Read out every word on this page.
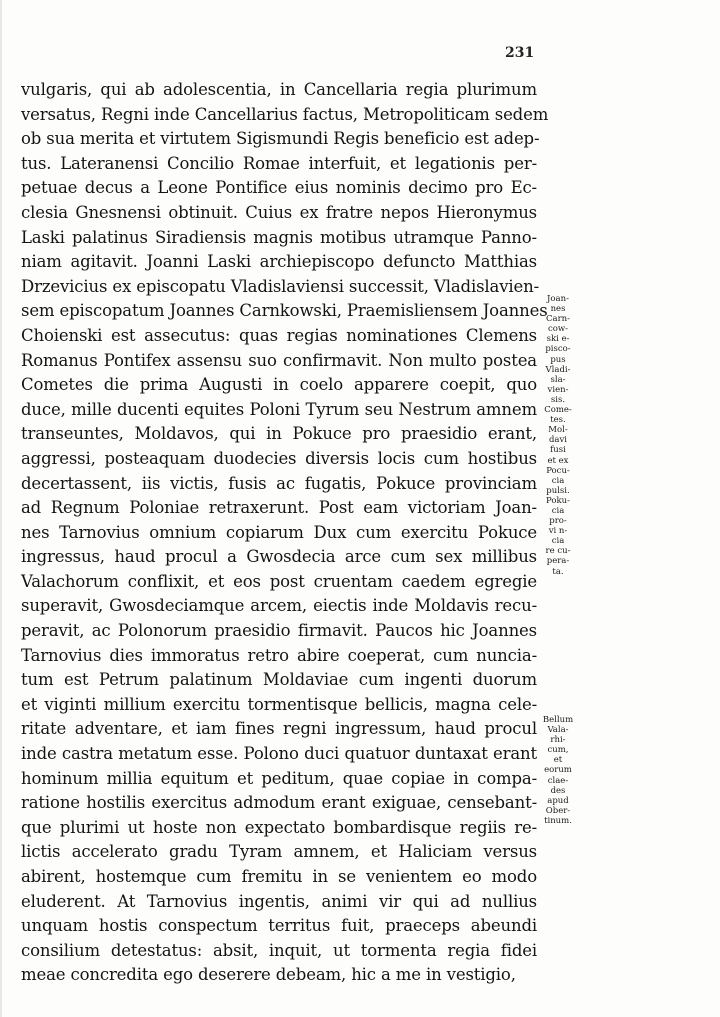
231
vulgaris, qui ab adolescentia, in Cancellaria regia plurimum
versatus, Regni inde Cancellarius factus, Metropoliticam sedem
ob sua merita et virtutem Sigismundi Regis beneficio est adep-
tus. Lateranensi Concilio Romae interfuit, et legationis per-
petuae decus a Leone Pontifice eius nominis decimo pro Ec-
clesia Gnesnensi obtinuit. Cuius ex fratre nepos Hieronymus
Laski palatinus Siradiensis magnis motibus utramque Panno-
niam agitavit. Joanni Laski archiepiscopo defuncto Matthias
Drzevicius ex episcopatu Vladislaviensi successit, Vladislavien-
sem episcopatum Joannes Carnkowski, Praemisliensem Joannes
Choienski est assecutus: quas regias nominationes Clemens
Romanus Pontifex assensu suo confirmavit. Non multo postea
Cometes die prima Augusti in coelo apparere coepit, quo
duce, mille ducenti equites Poloni Tyrum seu Nestrum amnem
transeuntes, Moldavos, qui in Pokuce pro praesidio erant,
aggressi, posteaquam duodecies diversis locis cum hostibus
decertassent, iis victis, fusis ac fugatis, Pokuce provinciam
ad Regnum Poloniae retraxerunt. Post eam victoriam Joan-
nes Tarnovius omnium copiarum Dux cum exercitu Pokuce
ingressus, haud procul a Gwosdecia arce cum sex millibus
Valachorum conflixit, et eos post cruentam caedem egregie
superavit, Gwosdeciamque arcem, eiectis inde Moldavis recu-
peravit, ac Polonorum praesidio firmavit. Paucos hic Joannes
Tarnovius dies immoratus retro abire coeperat, cum nuncia-
tum est Petrum palatinum Moldaviae cum ingenti duorum
et viginti millium exercitu tormentisque bellicis, magna cele-
ritate adventare, et iam fines regni ingressum, haud procul
inde castra metatum esse. Polono duci quatuor duntaxat erant
hominum millia equitum et peditum, quae copiae in compa-
ratione hostilis exercitus admodum erant exiguae, censebant-
que plurimi ut hoste non expectato bombardisque regiis re-
lictis accelerato gradu Tyram amnem, et Haliciam versus
abirent, hostemque cum fremitu in se venientem eo modo
eluderent. At Tarnovius ingentis, animi vir qui ad nullius
unquam hostis conspectum territus fuit, praeceps abeundi
consilium detestatus: absit, inquit, ut tormenta regia fidei
meae concredita ego deserere debeam, hic a me in vestigio,
Joan-
nes
Carn-
cow-
ski e-
pisco-
pus
Vladi-
sla-
vien-
sis.
Come-
tes.
Mol-
davi
fusi
et ex
Pocu-
cia
pulsi.
Poku-
cia
pro-
vi n-
cia
re cu-
pera-
ta.
Bellum
Vala-
rhi-
cum,
et
eorum
clae-
des
apud
Ober-
tinum.
